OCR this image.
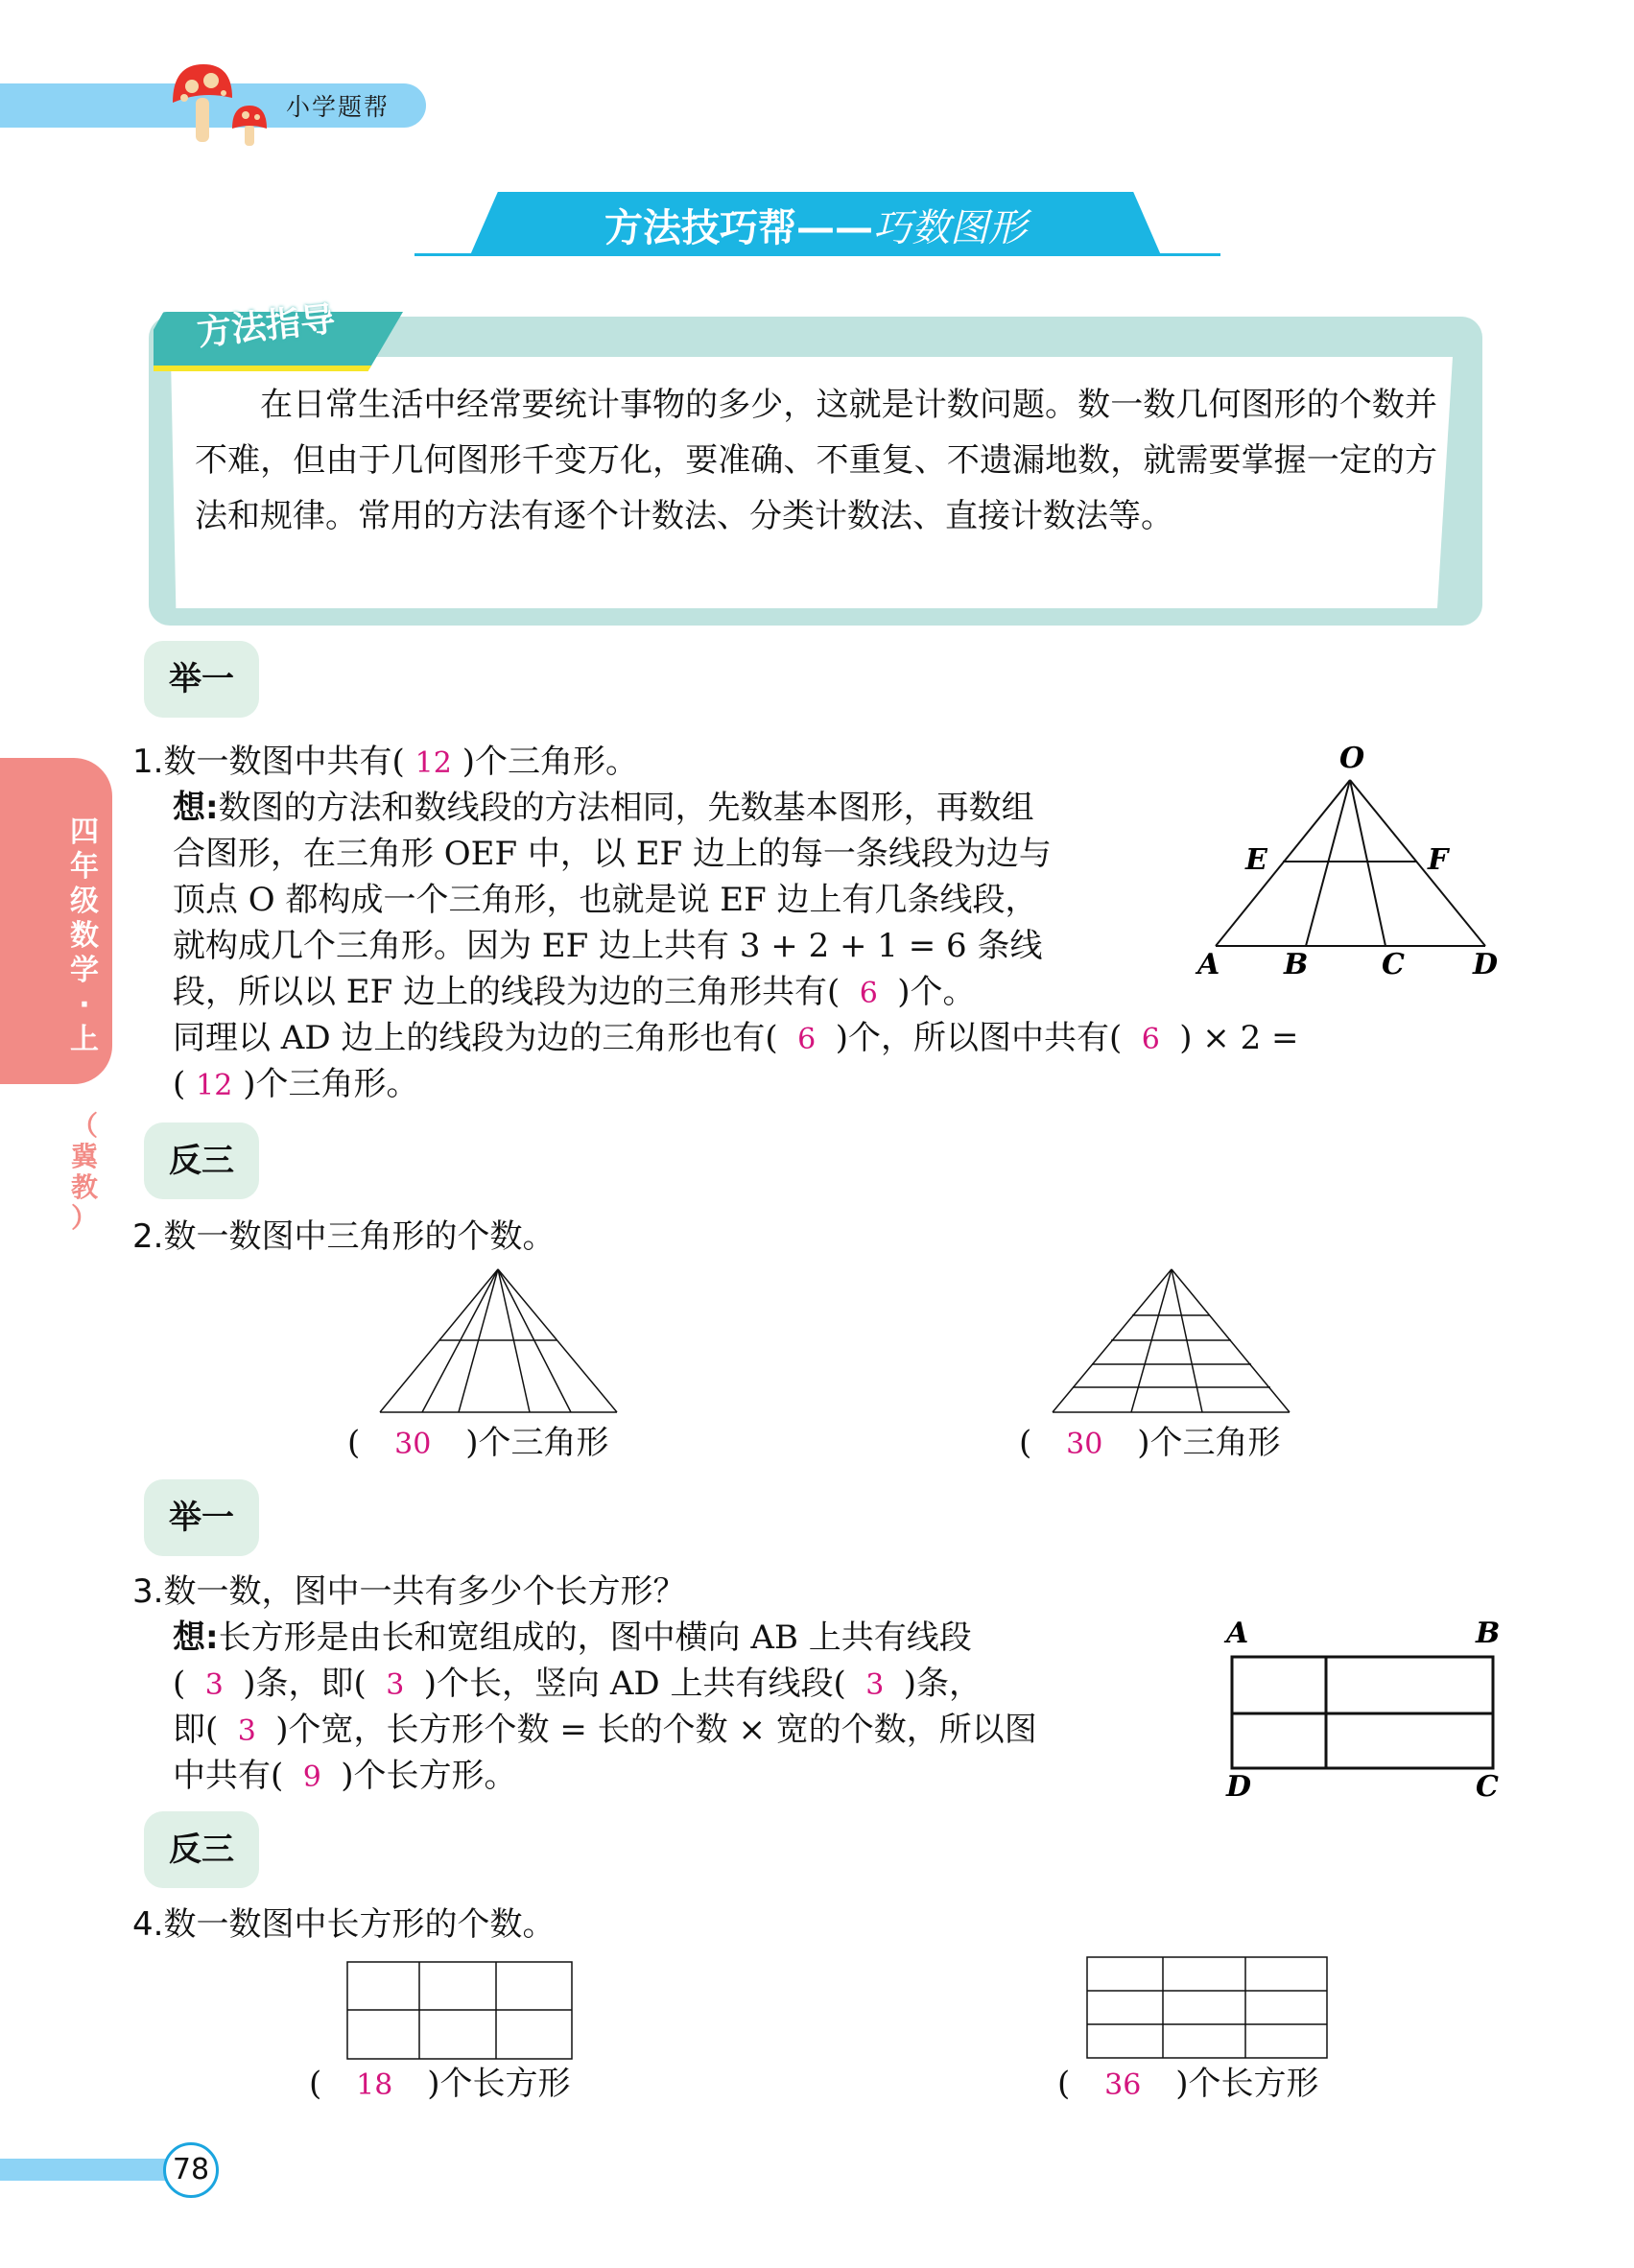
小学题帮
方法技巧帮——巧数图形
方法指导
在日常生活中经常要统计事物的多少，这就是计数问题。数一数几何图形的个数并不难，但由于几何图形千变万化，要准确、不重复、不遗漏地数，就需要掌握一定的方法和规律。常用的方法有逐个计数法、分类计数法、直接计数法等。
四
年
级
数
学
·
上
（
冀
教
）
举一
反三
举一
反三
1.数一数图中共有( 12 )个三角形。
想:数图的方法和数线段的方法相同，先数基本图形，再数组
合图形，在三角形 OEF 中，以 EF 边上的每一条线段为边与
顶点 O 都构成一个三角形，也就是说 EF 边上有几条线段，
就构成几个三角形。因为 EF 边上共有 3 + 2 + 1 = 6 条线
段，所以以 EF 边上的线段为边的三角形共有( 6 )个。
同理以 AD 边上的线段为边的三角形也有( 6 )个，所以图中共有( 6 ) × 2 =
( 12 )个三角形。
O
E	F
A B	C D
A	B
D	C
2.数一数图中三角形的个数。
( 30 )个三角形	( 30 )个三角形
3.数一数，图中一共有多少个长方形？
想:长方形是由长和宽组成的，图中横向 AB 上共有线段
( 3 )条，即( 3 )个长，竖向 AD 上共有线段( 3 )条，
即( 3 )个宽，长方形个数 = 长的个数 × 宽的个数，所以图
中共有( 9 )个长方形。
4.数一数图中长方形的个数。
( 18 )个长方形	( 36 )个长方形
78
